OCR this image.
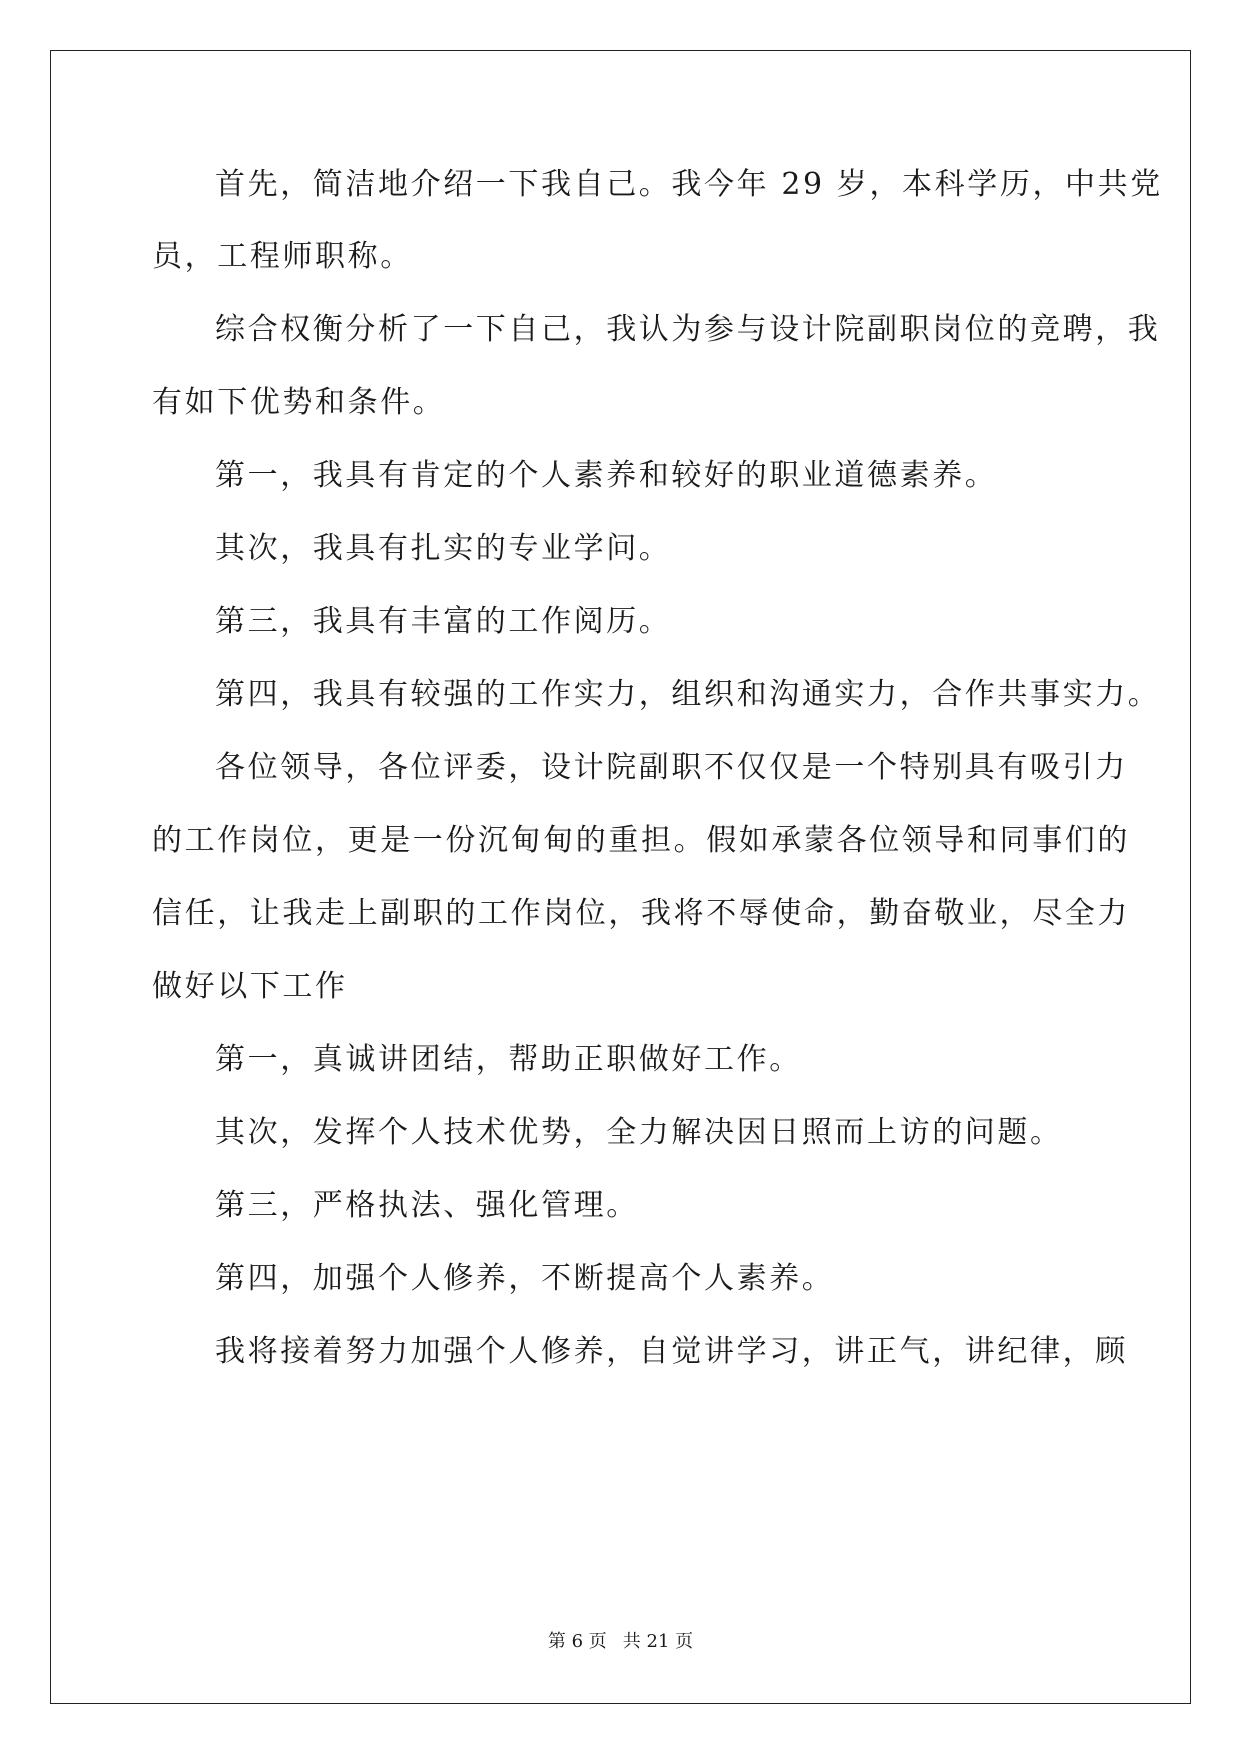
首先，简洁地介绍一下我自己。我今年 29 岁，本科学历，中共党
员，工程师职称。
综合权衡分析了一下自己，我认为参与设计院副职岗位的竞聘，我
有如下优势和条件。
第一，我具有肯定的个人素养和较好的职业道德素养。
其次，我具有扎实的专业学问。
第三，我具有丰富的工作阅历。
第四，我具有较强的工作实力，组织和沟通实力，合作共事实力。
各位领导，各位评委，设计院副职不仅仅是一个特别具有吸引力
的工作岗位，更是一份沉甸甸的重担。假如承蒙各位领导和同事们的
信任，让我走上副职的工作岗位，我将不辱使命，勤奋敬业，尽全力
做好以下工作
第一，真诚讲团结，帮助正职做好工作。
其次，发挥个人技术优势，全力解决因日照而上访的问题。
第三，严格执法、强化管理。
第四，加强个人修养，不断提高个人素养。
我将接着努力加强个人修养，自觉讲学习，讲正气，讲纪律，顾
第 6 页 共 21 页
